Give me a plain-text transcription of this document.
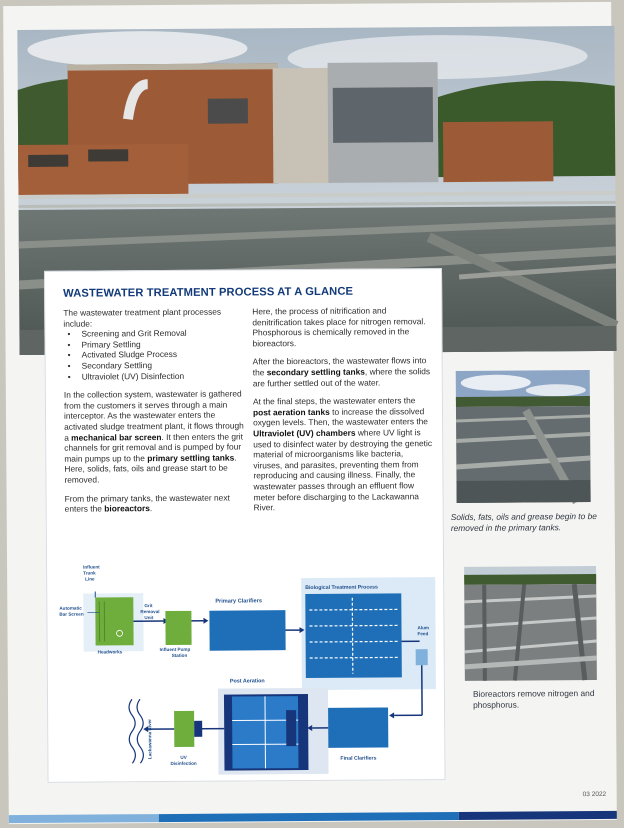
Solids, fats, oils and grease begin to be removed in the primary tanks.
Bioreactors remove nitrogen and phosphorus.
WASTEWATER TREATMENT PROCESS AT A GLANCE

The wastewater treatment plant processes include:

• Screening and Grit Removal
• Primary Settling
• Activated Sludge Process
• Secondary Settling
• Ultraviolet (UV) Disinfection

In the collection system, wastewater is gathered from the customers it serves through a main interceptor. As the wastewater enters the activated sludge treatment plant, it flows through a mechanical bar screen. It then enters the grit channels for grit removal and is pumped by four main pumps up to the primary settling tanks. Here, solids, fats, oils and grease start to be removed.

From the primary tanks, the wastewater next enters the bioreactors.

Here, the process of nitrification and denitrification takes place for nitrogen removal. Phosphorous is chemically removed in the bioreactors.

After the bioreactors, the wastewater flows into the secondary settling tanks, where the solids are further settled out of the water.

At the final steps, the wastewater enters the post aeration tanks to increase the dissolved oxygen levels. Then, the wastewater enters the Ultraviolet (UV) chambers where UV light is used to disinfect water by destroying the genetic material of microorganisms like bacteria, viruses, and parasites, preventing them from reproducing and causing illness. Finally, the wastewater passes through an effluent flow meter before discharging to the Lackawanna River.

Influent Trunk Line
Automatic Bar Screen
Grit Removal Unit
Headworks	Influent Pump Station
Primary Clarifiers
Biological Treatment Process
Alum Feed
Final Clarifiers
Post Aeration
UV Disinfection
Lackawanna River
03 2022
